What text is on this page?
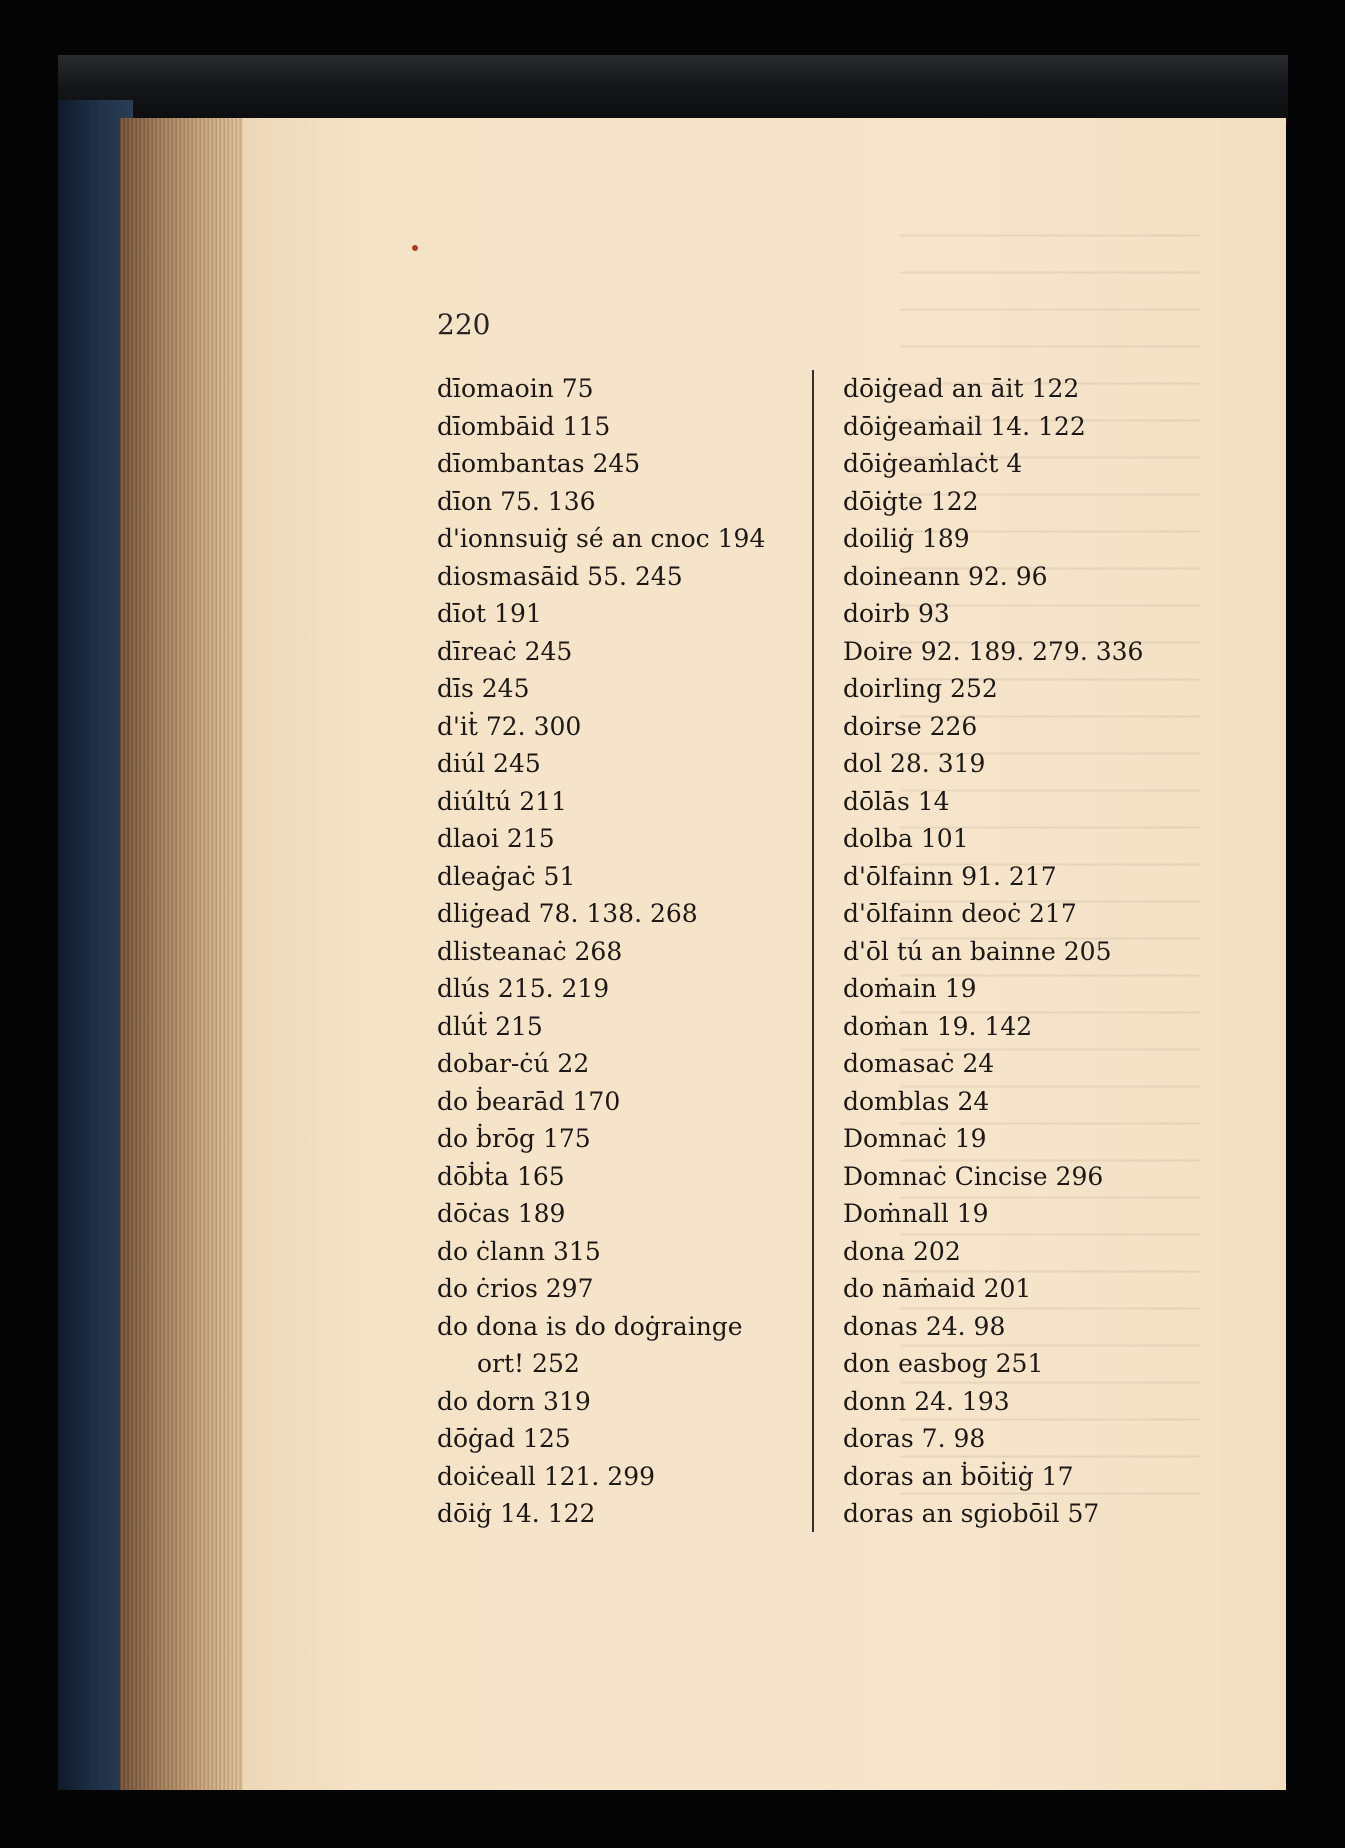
220
dīomaoin 75
dīombāid 115
dīombantas 245
dīon 75. 136
d'ionnsuiġ sé an cnoc 194
diosmasāid 55. 245
dīot 191
dīreaċ 245
dīs 245
d'iṫ 72. 300
diúl 245
diúltú 211
dlaoi 215
dleaġaċ 51
dliġead 78. 138. 268
dlisteanaċ 268
dlús 215. 219
dlúṫ 215
dobar-ċú 22
do ḃearād 170
do ḃrōg 175
dōḃṫa 165
dōċas 189
do ċlann 315
do ċrios 297
do dona is do doġrainge
ort! 252
do dorn 319
dōġad 125
doiċeall 121. 299
dōiġ 14. 122
dōiġead an āit 122
dōiġeaṁail 14. 122
dōiġeaṁlaċt 4
dōiġte 122
doiliġ 189
doineann 92. 96
doirb 93
Doire 92. 189. 279. 336
doirling 252
doirse 226
dol 28. 319
dōlās 14
dolba 101
d'ōlfainn 91. 217
d'ōlfainn deoċ 217
d'ōl tú an bainne 205
doṁain 19
doṁan 19. 142
domasaċ 24
domblas 24
Domnaċ 19
Domnaċ Cincise 296
Doṁnall 19
dona 202
do nāṁaid 201
donas 24. 98
don easbog 251
donn 24. 193
doras 7. 98
doras an ḃōiṫiġ 17
doras an sgiobōil 57
